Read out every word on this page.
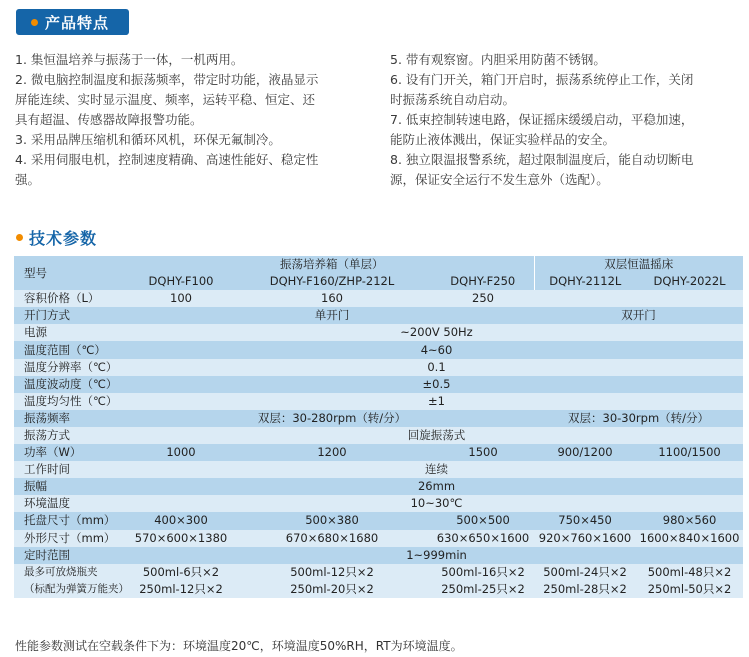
产品特点

1. 集恒温培养与振荡于一体，一机两用。

2. 微电脑控制温度和振荡频率，带定时功能，液晶显示

屏能连续、实时显示温度、频率，运转平稳、恒定、还

具有超温、传感器故障报警功能。

3. 采用品牌压缩机和循环风机，环保无氟制冷。

4. 采用伺服电机，控制速度精确、高速性能好、稳定性

强。

5. 带有观察窗。内胆采用防菌不锈钢。

6. 设有门开关，箱门开启时，振荡系统停止工作，关闭

时振荡系统自动启动。

7. 低束控制转速电路，保证摇床缓缓启动，平稳加速，

能防止液体溅出，保证实验样品的安全。

8. 独立限温报警系统，超过限制温度后，能自动切断电

源，保证安全运行不发生意外（选配）。

技术参数
型号	振荡培养箱（单层）			双层恒温摇床	
	DQHY-F100	DQHY-F160/ZHP-212L	DQHY-F250	DQHY-2112L	DQHY-2022L
容积价格（L）	100	160	250		
开门方式	单开门			双开门	
电源	~200V 50Hz				
温度范围（℃）	4~60				
温度分辨率（℃）	0.1				
温度波动度（℃）	±0.5				
温度均匀性（℃）	±1				
振荡频率	双层：30-280rpm（转/分）			双层：30-30rpm（转/分）	
振荡方式	回旋振荡式				
功率（W）	1000	1200	1500	900/1200	1100/1500
工作时间	连续				
振幅	26mm				
环境温度	10~30℃				
托盘尺寸（mm）	400×300	500×380	500×500	750×450	980×560
外形尺寸（mm）	570×600×1380	670×680×1680	630×650×1600	920×760×1600	1600×840×1600
定时范围	1~999min				
最多可放烧瓶夹	500ml-6只×2	500ml-12只×2	500ml-16只×2	500ml-24只×2	500ml-48只×2
（标配为弹簧万能夹）	250ml-12只×2	250ml-20只×2	250ml-25只×2	250ml-28只×2	250ml-50只×2
性能参数测试在空载条件下为：环境温度20℃，环境温度50%RH，RT为环境温度。
